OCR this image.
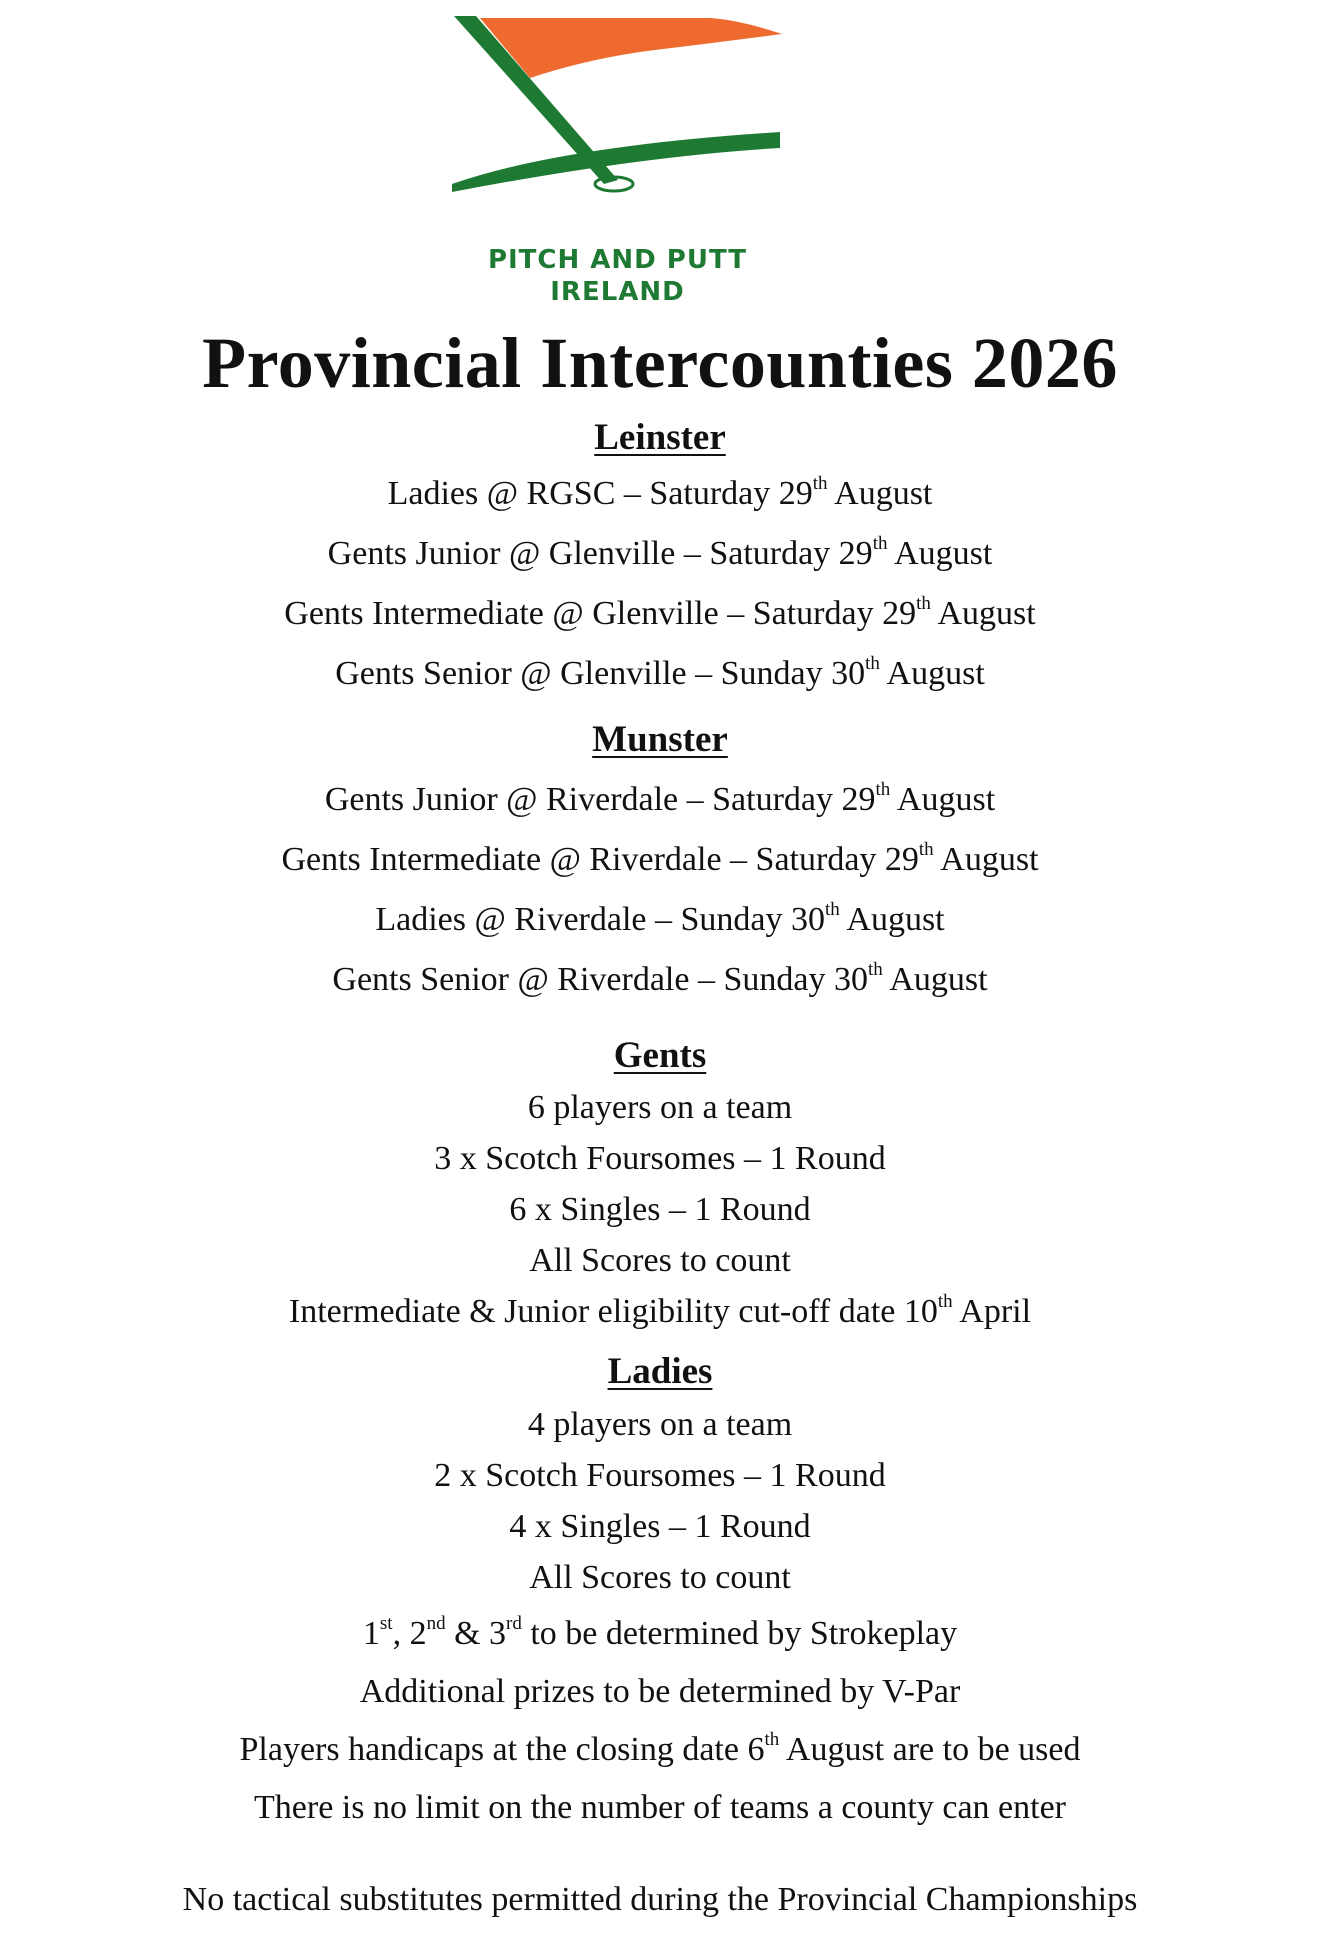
PITCH AND PUTT
IRELAND
Provincial Intercounties 2026
Leinster
Ladies @ RGSC – Saturday 29th August
Gents Junior @ Glenville – Saturday 29th August
Gents Intermediate @ Glenville – Saturday 29th August
Gents Senior @ Glenville – Sunday 30th August
Munster
Gents Junior @ Riverdale – Saturday 29th August
Gents Intermediate @ Riverdale – Saturday 29th August
Ladies @ Riverdale – Sunday 30th August
Gents Senior @ Riverdale – Sunday 30th August
Gents
6 players on a team
3 x Scotch Foursomes – 1 Round
6 x Singles – 1 Round
All Scores to count
Intermediate & Junior eligibility cut-off date 10th April
Ladies
4 players on a team
2 x Scotch Foursomes – 1 Round
4 x Singles – 1 Round
All Scores to count
1st, 2nd & 3rd to be determined by Strokeplay
Additional prizes to be determined by V-Par
Players handicaps at the closing date 6th August are to be used
There is no limit on the number of teams a county can enter
No tactical substitutes permitted during the Provincial Championships
